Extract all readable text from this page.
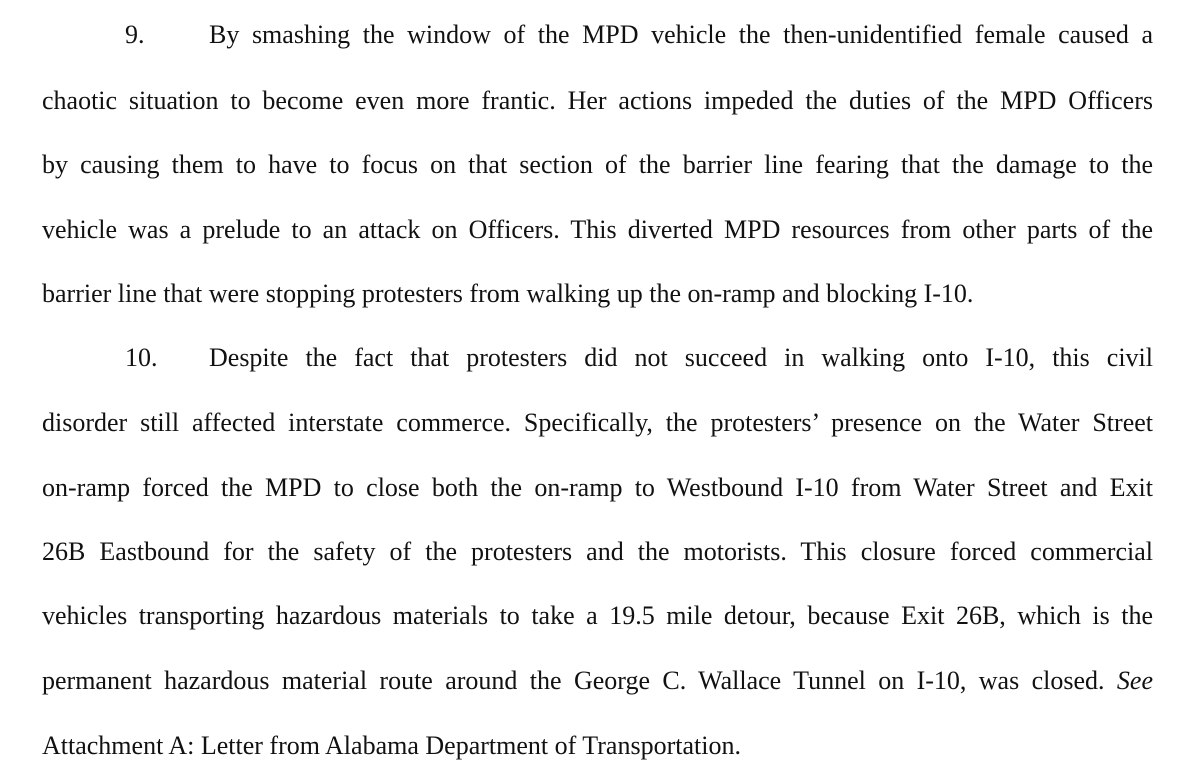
9. By smashing the window of the MPD vehicle the then-unidentified female caused a
chaotic situation to become even more frantic. Her actions impeded the duties of the MPD Officers
by causing them to have to focus on that section of the barrier line fearing that the damage to the
vehicle was a prelude to an attack on Officers. This diverted MPD resources from other parts of the
barrier line that were stopping protesters from walking up the on-ramp and blocking I-10.
10. Despite the fact that protesters did not succeed in walking onto I-10, this civil
disorder still affected interstate commerce. Specifically, the protesters’ presence on the Water Street
on-ramp forced the MPD to close both the on-ramp to Westbound I-10 from Water Street and Exit
26B Eastbound for the safety of the protesters and the motorists. This closure forced commercial
vehicles transporting hazardous materials to take a 19.5 mile detour, because Exit 26B, which is the
permanent hazardous material route around the George C. Wallace Tunnel on I-10, was closed. See
Attachment A: Letter from Alabama Department of Transportation.
